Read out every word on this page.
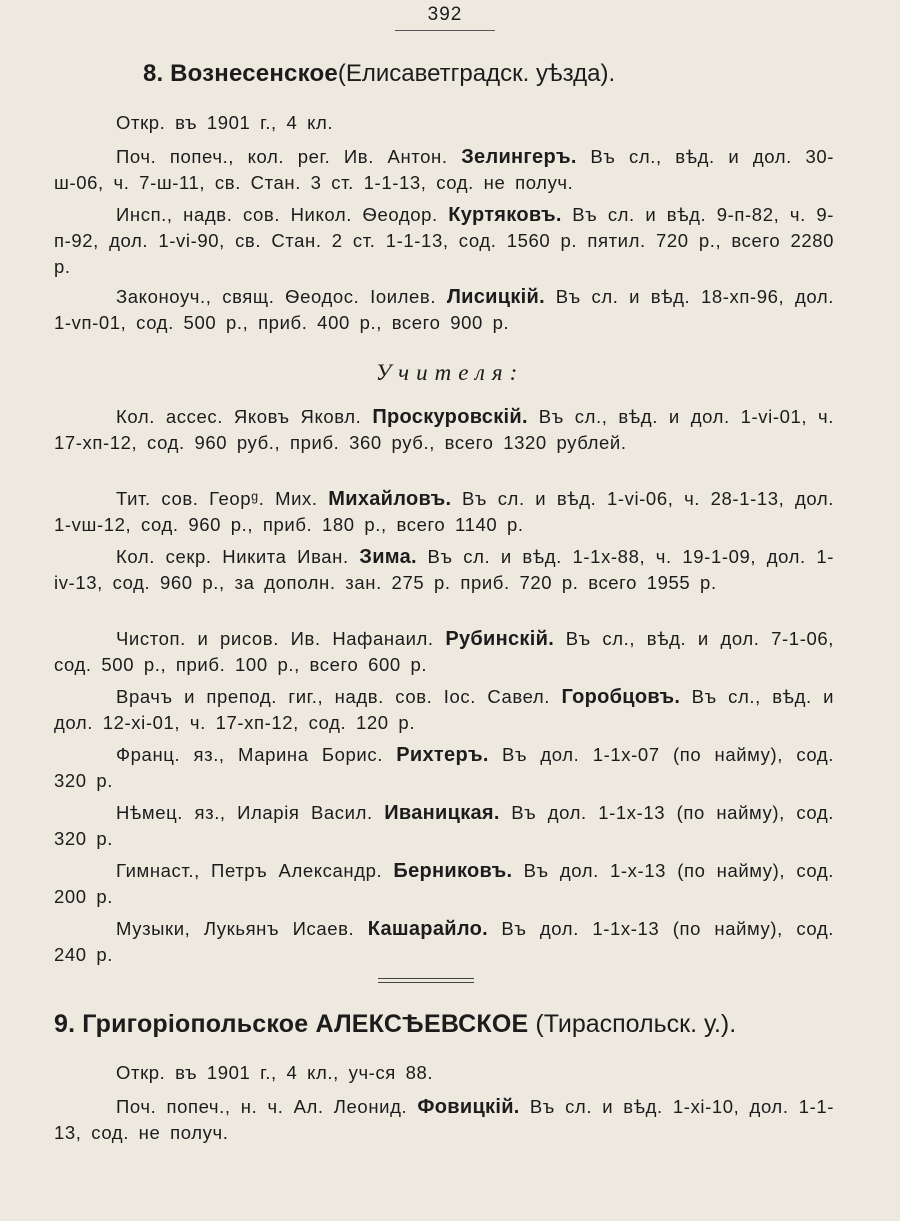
392
8. Вознесенское(Елисаветградск. уѣзда).
Откр. въ 1901 г., 4 кл.
Поч. попеч., кол. рег. Ив. Антон. Зелингеръ. Въ сл., вѣд. и дол. 30-ш-06, ч. 7-ш-11, св. Стан. 3 ст. 1-1-13, сод. не получ.
Инсп., надв. сов. Никол. Ѳеодор. Куртяковъ. Въ сл. и вѣд. 9-п-82, ч. 9-п-92, дол. 1-vi-90, св. Стан. 2 ст. 1-1-13, сод. 1560 р. пятил. 720 р., всего 2280 р.
Законоуч., свящ. Ѳеодос. Іоилев. Лисицкій. Въ сл. и вѣд. 18-хп-96, дол. 1-vп-01, сод. 500 р., приб. 400 р., всего 900 р.
Учителя:
Кол. ассес. Яковъ Яковл. Проскуровскій. Въ сл., вѣд. и дол. 1-vi-01, ч. 17-хп-12, сод. 960 руб., приб. 360 руб., всего 1320 рублей.
Тит. сов. Георᵍ. Мих. Михайловъ. Въ сл. и вѣд. 1-vi-06, ч. 28-1-13, дол. 1-vш-12, сод. 960 р., приб. 180 р., всего 1140 р.
Кол. секр. Никита Иван. Зима. Въ сл. и вѣд. 1-1х-88, ч. 19-1-09, дол. 1-iv-13, сод. 960 р., за дополн. зан. 275 р. приб. 720 р. всего 1955 р.
Чистоп. и рисов. Ив. Нафанаил. Рубинскій. Въ сл., вѣд. и дол. 7-1-06, сод. 500 р., приб. 100 р., всего 600 р.
Врачъ и препод. гиг., надв. сов. Іос. Савел. Горобцовъ. Въ сл., вѣд. и дол. 12-хі-01, ч. 17-хп-12, сод. 120 р.
Франц. яз., Марина Борис. Рихтеръ. Въ дол. 1-1х-07 (по найму), сод. 320 р.
Нѣмец. яз., Иларія Васил. Иваницкая. Въ дол. 1-1х-13 (по найму), сод. 320 р.
Гимнаст., Петръ Александр. Берниковъ. Въ дол. 1-х-13 (по найму), сод. 200 р.
Музыки, Лукьянъ Исаев. Кашарайло. Въ дол. 1-1х-13 (по найму), сод. 240 р.
9. Григоріопольское АЛЕКСѢЕВСКОЕ (Тираспольск. у.).
Откр. въ 1901 г., 4 кл., уч-ся 88.
Поч. попеч., н. ч. Ал. Леонид. Фовицкій. Въ сл. и вѣд. 1-хі-10, дол. 1-1-13, сод. не получ.
